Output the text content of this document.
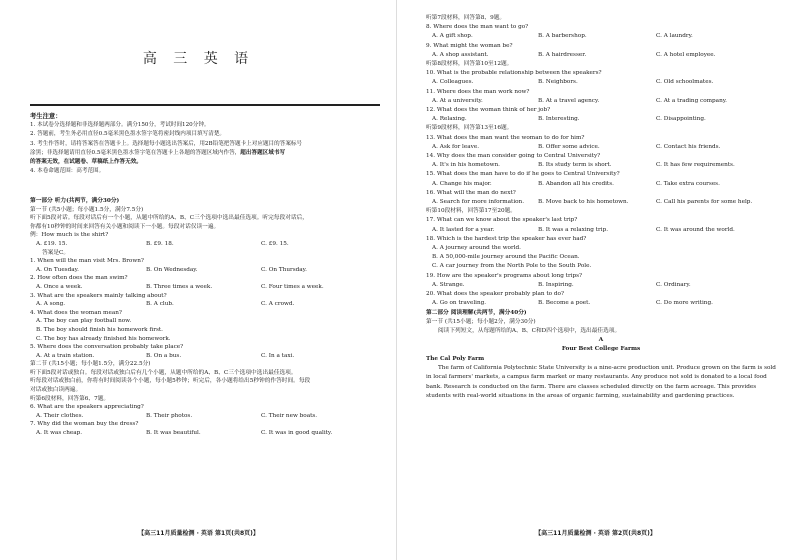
高 三 英 语
考生注意：
1. 本试卷分选择题和非选择题两部分。满分150分，考试时间120分钟。
2. 答题前，考生务必用直径0.5毫米黑色墨水签字笔将密封线内项目填写清楚。
3. 考生作答时，请将答案答在答题卡上。选择题每小题选出答案后，用2B铅笔把答题卡上对应题目的答案标号
涂黑；非选择题请用直径0.5毫米黑色墨水签字笔在答题卡上各题的答题区域内作答，超出答题区域书写
的答案无效，在试题卷、草稿纸上作答无效。
4. 本卷命题范围：高考范围。
第一部分 听力(共两节，满分30分)
第一节 (共5小题；每小题1.5分，满分7.5分)
听下面5段对话。每段对话后有一个小题，从题中所给的A、B、C三个选项中选出最佳选项。听完每段对话后，
你都有10秒钟的时间来回答有关小题和阅读下一小题。每段对话仅读一遍。
例：How much is the shirt?
A. £19. 15.	B. £9. 18.	C. £9. 15.
答案是C。
1. When will the man visit Mrs. Brown?
A. On Tuesday.	B. On Wednesday.	C. On Thursday.
2. How often does the man swim?
A. Once a week.	B. Three times a week.	C. Four times a week.
3. What are the speakers mainly talking about?
A. A song.	B. A club.	C. A crowd.
4. What does the woman mean?
A. The boy can play football now.
B. The boy should finish his homework first.
C. The boy has already finished his homework.
5. Where does the conversation probably take place?
A. At a train station.	B. On a bus.	C. In a taxi.
第二节 (共15小题；每小题1.5分，满分22.5分)
听下面5段对话或独白。每段对话或独白后有几个小题，从题中所给的A、B、C三个选项中选出最佳选项。
听每段对话或独白前，你将有时间阅读各个小题，每小题5秒钟；听完后，各小题将给出5秒钟的作答时间。每段
对话或独白读两遍。
听第6段材料，回答第6、7题。
6. What are the speakers appreciating?
A. Their clothes.	B. Their photos.	C. Their new boats.
7. Why did the woman buy the dress?
A. It was cheap.	B. It was beautiful.	C. It was in good quality.
【高三11月质量检测 · 英语 第1页(共8页)】
听第7段材料，回答第8、9题。
8. Where does the man want to go?
A. A gift shop.	B. A barbershop.	C. A laundry.
9. What might the woman be?
A. A shop assistant.	B. A hairdresser.	C. A hotel employee.
听第8段材料，回答第10至12题。
10. What is the probable relationship between the speakers?
A. Colleagues.	B. Neighbors.	C. Old schoolmates.
11. Where does the man work now?
A. At a university.	B. At a travel agency.	C. At a trading company.
12. What does the woman think of her job?
A. Relaxing.	B. Interesting.	C. Disappointing.
听第9段材料，回答第13至16题。
13. What does the man want the woman to do for him?
A. Ask for leave.	B. Offer some advice.	C. Contact his friends.
14. Why does the man consider going to Central University?
A. It's in his hometown.	B. Its study term is short.	C. It has few requirements.
15. What does the man have to do if he goes to Central University?
A. Change his major.	B. Abandon all his credits.	C. Take extra courses.
16. What will the man do next?
A. Search for more information.	B. Move back to his hometown.	C. Call his parents for some help.
听第10段材料，回答第17至20题。
17. What can we know about the speaker's last trip?
A. It lasted for a year.	B. It was a relaxing trip.	C. It was around the world.
18. Which is the hardest trip the speaker has ever had?
A. A journey around the world.
B. A 50,000-mile journey around the Pacific Ocean.
C. A car journey from the North Pole to the South Pole.
19. How are the speaker's programs about long trips?
A. Strange.	B. Inspiring.	C. Ordinary.
20. What does the speaker probably plan to do?
A. Go on traveling.	B. Become a poet.	C. Do more writing.
第二部分 阅读理解(共两节，满分40分)
第一节 (共15小题；每小题2分，满分30分)
阅读下列短文，从每题所给的A、B、C和D四个选项中，选出最佳选项。
A
Four Best College Farms
The Cal Poly Farm
The farm of California Polytechnic State University is a nine-acre production unit. Produce grown on the farm is sold in local farmers' markets, a campus farm market or many restaurants. Any produce not sold is donated to a local food bank. Research is conducted on the farm. There are classes scheduled directly on the farm acreage. This provides students with real-world situations in the areas of organic farming, sustainability and gardening practices.
【高三11月质量检测 · 英语 第2页(共8页)】
